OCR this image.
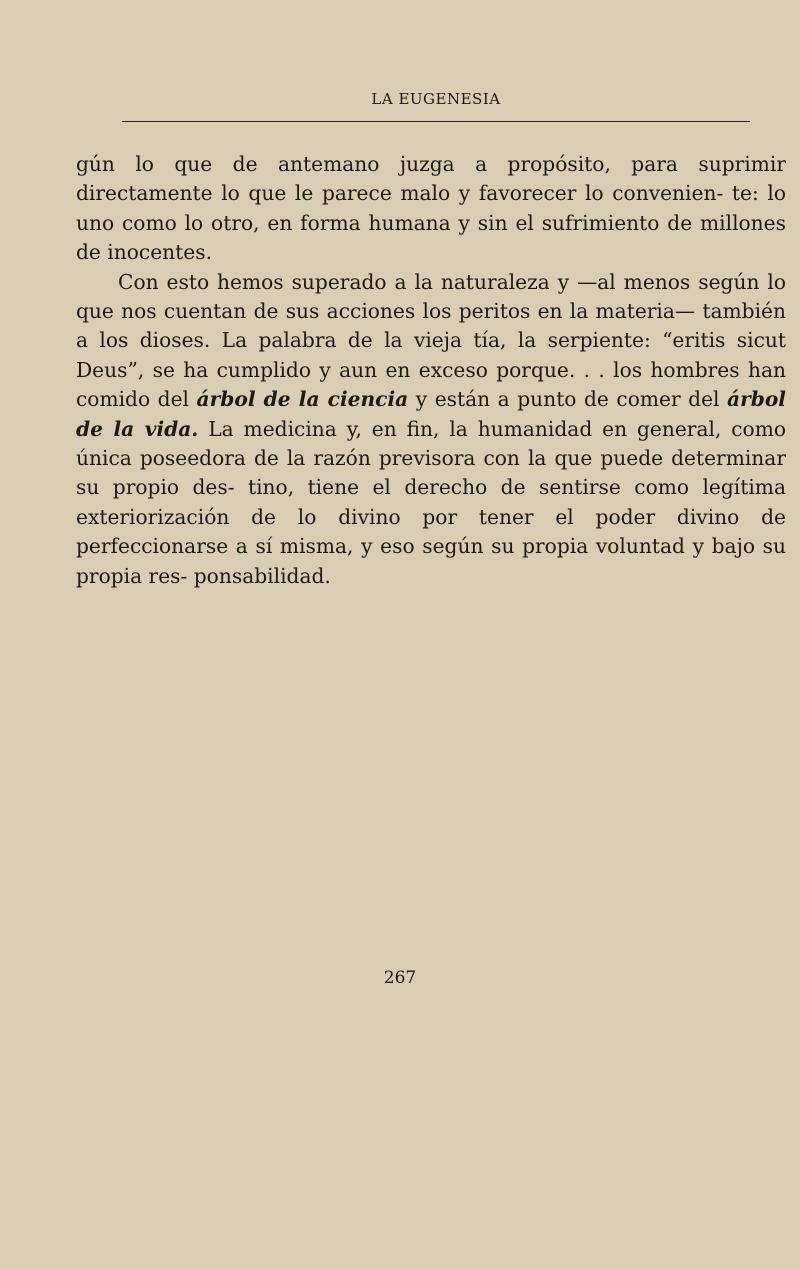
LA EUGENESIA

gún lo que de antemano juzga a propósito, para suprimir directamente lo que le parece malo y favorecer lo convenien- te: lo uno como lo otro, en forma humana y sin el sufrimiento de millones de inocentes.

Con esto hemos superado a la naturaleza y —al menos según lo que nos cuentan de sus acciones los peritos en la materia— también a los dioses. La palabra de la vieja tía, la serpiente: “eritis sicut Deus”, se ha cumplido y aun en exceso porque. . . los hombres han comido del árbol de la ciencia y están a punto de comer del árbol de la vida. La medicina y, en fin, la humanidad en general, como única poseedora de la razón previsora con la que puede determinar su propio des- tino, tiene el derecho de sentirse como legítima exteriorización de lo divino por tener el poder divino de perfeccionarse a sí misma, y eso según su propia voluntad y bajo su propia res- ponsabilidad.

267
